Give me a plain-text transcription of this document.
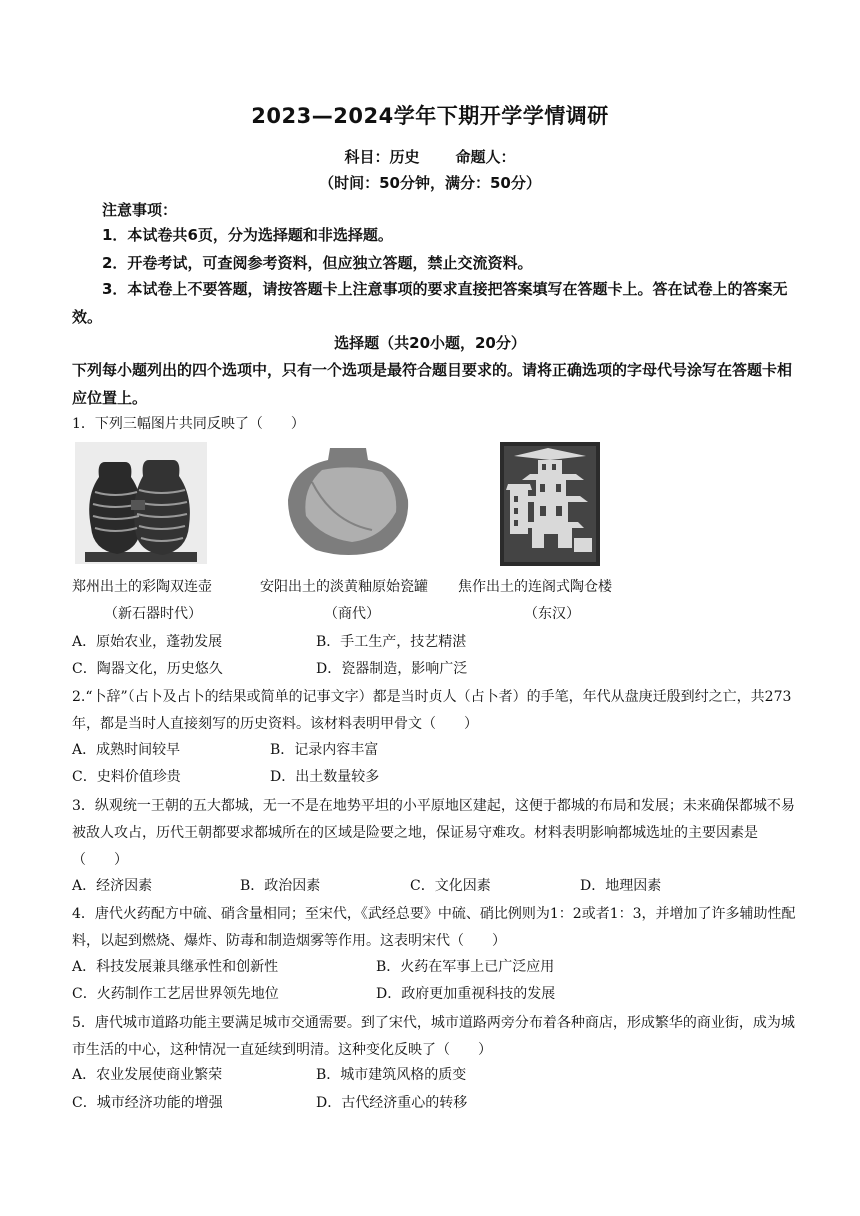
2023—2024学年下期开学学情调研
科目：历史 命题人：
（时间：50分钟，满分：50分）
注意事项：
1．本试卷共6页，分为选择题和非选择题。
2．开卷考试，可查阅参考资料，但应独立答题，禁止交流资料。
3．本试卷上不要答题，请按答题卡上注意事项的要求直接把答案填写在答题卡上。答在试卷上的答案无效。
选择题（共20小题，20分）
下列每小题列出的四个选项中，只有一个选项是最符合题目要求的。请将正确选项的字母代号涂写在答题卡相应位置上。
1．下列三幅图片共同反映了（　　）
郑州出土的彩陶双连壶
（新石器时代）
安阳出土的淡黄釉原始瓷罐
（商代）
焦作出土的连阁式陶仓楼
（东汉）
A．原始农业，蓬勃发展	B．手工生产，技艺精湛
C．陶器文化，历史悠久	D．瓷器制造，影响广泛
2.“卜辞”（占卜及占卜的结果或简单的记事文字）都是当时贞人（占卜者）的手笔，年代从盘庚迁殷到纣之亡，共273年，都是当时人直接刻写的历史资料。该材料表明甲骨文（　　）
A．成熟时间较早	B．记录内容丰富
C．史料价值珍贵	D．出土数量较多
3．纵观统一王朝的五大都城，无一不是在地势平坦的小平原地区建起，这便于都城的布局和发展；未来确保都城不易被敌人攻占，历代王朝都要求都城所在的区域是险要之地，保证易守难攻。材料表明影响都城选址的主要因素是（　　）
A．经济因素	B．政治因素	C．文化因素	D．地理因素
4．唐代火药配方中硫、硝含量相同；至宋代，《武经总要》中硫、硝比例则为1：2或者1：3，并增加了许多辅助性配料，以起到燃烧、爆炸、防毒和制造烟雾等作用。这表明宋代（　　）
A．科技发展兼具继承性和创新性	B．火药在军事上已广泛应用
C．火药制作工艺居世界领先地位	D．政府更加重视科技的发展
5．唐代城市道路功能主要满足城市交通需要。到了宋代，城市道路两旁分布着各种商店，形成繁华的商业街，成为城市生活的中心，这种情况一直延续到明清。这种变化反映了（　　）
A．农业发展使商业繁荣	B．城市建筑风格的质变
C．城市经济功能的增强	D．古代经济重心的转移
